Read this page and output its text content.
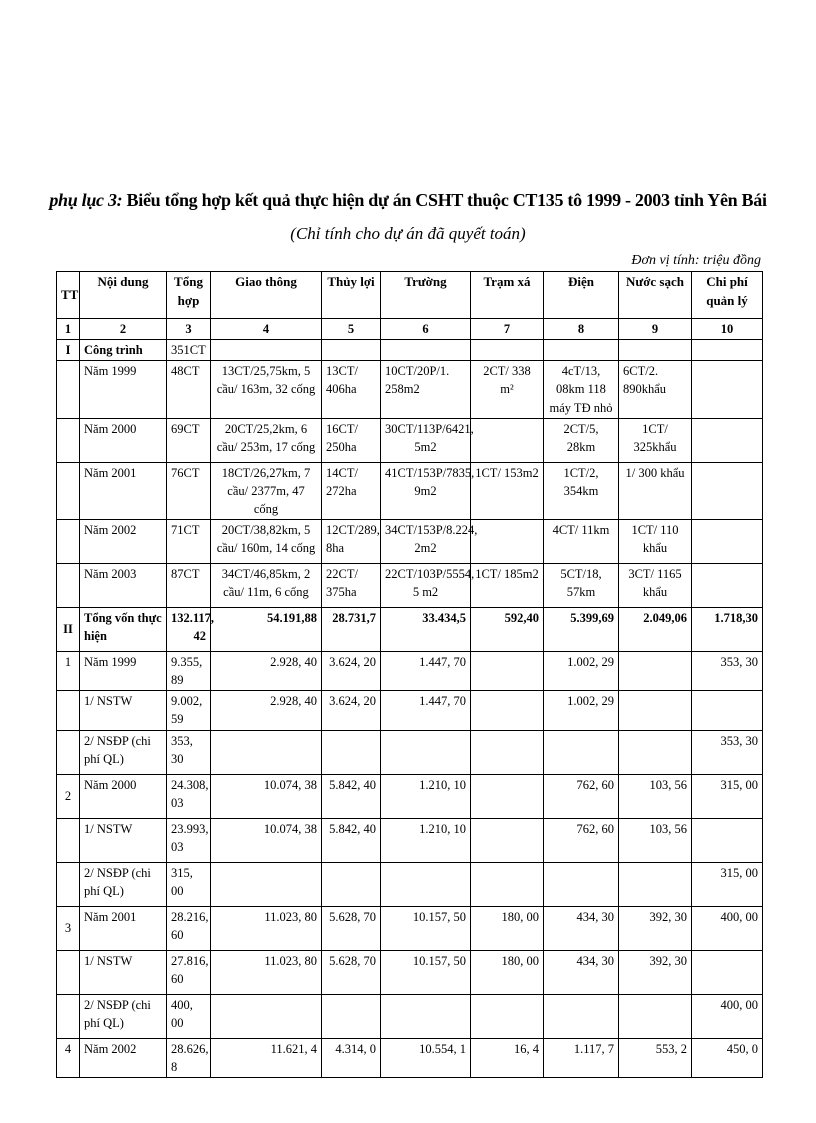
phụ lục 3: Biểu tổng hợp kết quả thực hiện dự án CSHT thuộc CT135 tô 1999 - 2003 tỉnh Yên Bái
(Chỉ tính cho dự án đã quyết toán)
Đơn vị tính: triệu đồng
TT	Nội dung	Tổng hợp	Giao thông	Thủy lợi	Trường	Trạm xá	Điện	Nước sạch	Chi phí quản lý
1	2	3	4	5	6	7	8	9	10
I	Công trình	351CT							
	Năm 1999	48CT	13CT/25,75km, 5 cầu/ 163m, 32 cống	13CT/ 406ha	10CT/20P/1. 258m2	2CT/ 338 m²	4cT/13, 08km 118 máy TĐ nhỏ	6CT/2. 890khẩu	
	Năm 2000	69CT	20CT/25,2km, 6 cầu/ 253m, 17 cống	16CT/ 250ha	30CT/113P/6421, 5m2		2CT/5, 28km	1CT/ 325khẩu	
	Năm 2001	76CT	18CT/26,27km, 7 cầu/ 2377m, 47 cống	14CT/ 272ha	41CT/153P/7835, 9m2	1CT/ 153m2	1CT/2, 354km	1/ 300 khẩu	
	Năm 2002	71CT	20CT/38,82km, 5 cầu/ 160m, 14 cống	12CT/289, 8ha	34CT/153P/8.224, 2m2		4CT/ 11km	1CT/ 110 khẩu	
	Năm 2003	87CT	34CT/46,85km, 2 cầu/ 11m, 6 cống	22CT/ 375ha	22CT/103P/5554, 5 m2	1CT/ 185m2	5CT/18, 57km	3CT/ 1165 khẩu	
II	Tổng vốn thực hiện	132.117, 42	54.191,88	28.731,7	33.434,5	592,40	5.399,69	2.049,06	1.718,30
1	Năm 1999	9.355, 89	2.928, 40	3.624, 20	1.447, 70		1.002, 29		353, 30
	1/ NSTW	9.002, 59	2.928, 40	3.624, 20	1.447, 70		1.002, 29		
	2/ NSĐP (chi phí QL)	353, 30							353, 30
2	Năm 2000	24.308, 03	10.074, 38	5.842, 40	1.210, 10		762, 60	103, 56	315, 00
	1/ NSTW	23.993, 03	10.074, 38	5.842, 40	1.210, 10		762, 60	103, 56	
	2/ NSĐP (chi phí QL)	315, 00							315, 00
3	Năm 2001	28.216, 60	11.023, 80	5.628, 70	10.157, 50	180, 00	434, 30	392, 30	400, 00
	1/ NSTW	27.816, 60	11.023, 80	5.628, 70	10.157, 50	180, 00	434, 30	392, 30	
	2/ NSĐP (chi phí QL)	400, 00							400, 00
4	Năm 2002	28.626, 8	11.621, 4	4.314, 0	10.554, 1	16, 4	1.117, 7	553, 2	450, 0
